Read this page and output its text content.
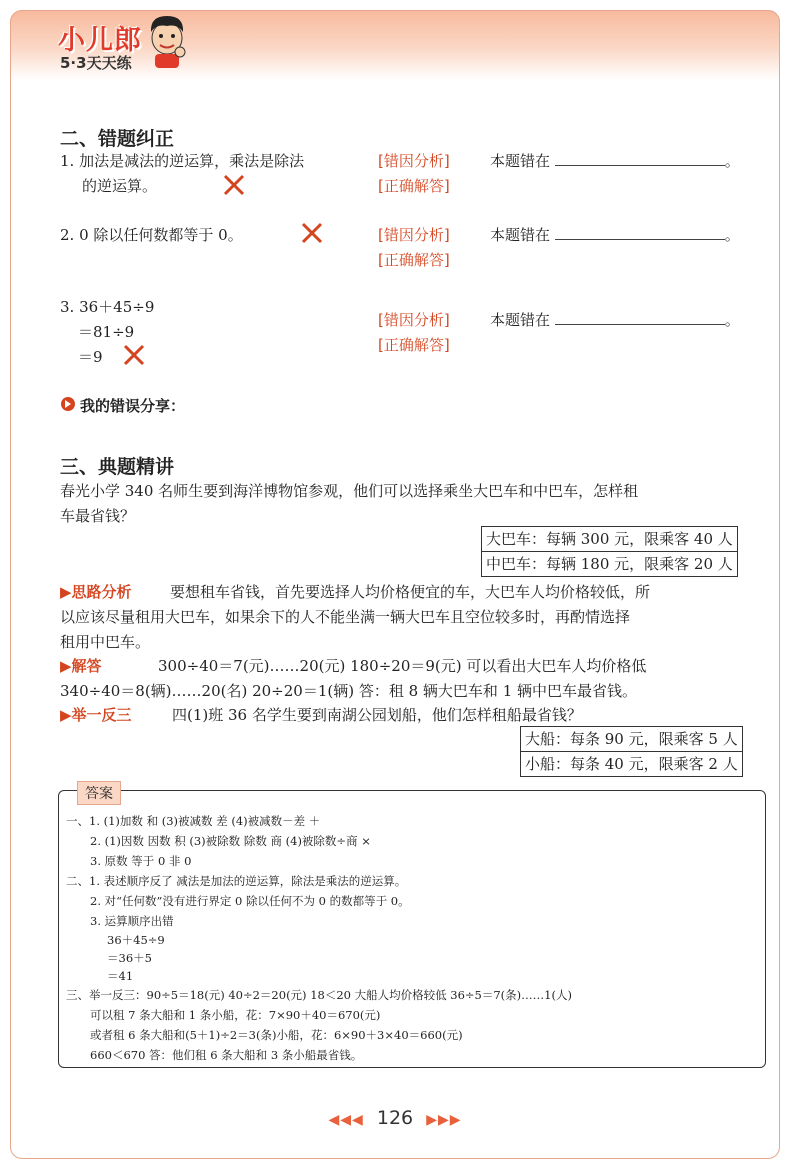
小儿郎
5·3天天练
二、错题纠正
1. 加法是减法的逆运算，乘法是除法
的逆运算。
[错因分析]
[正确解答]
本题错在	。
2. 0 除以任何数都等于 0。	[错因分析]
[正确解答]
本题错在	。
3. 36＋45÷9
＝81÷9
＝9
[错因分析]
[正确解答]
本题错在	。
我的错误分享：
三、典题精讲
春光小学 340 名师生要到海洋博物馆参观，他们可以选择乘坐大巴车和中巴车，怎样租
车最省钱？
大巴车：每辆 300 元，限乘客 40 人
中巴车：每辆 180 元，限乘客 20 人
▶思路分析	要想租车省钱，首先要选择人均价格便宜的车，大巴车人均价格较低，所
以应该尽量租用大巴车，如果余下的人不能坐满一辆大巴车且空位较多时，再酌情选择
租用中巴车。
▶解答	300÷40＝7(元)……20(元) 180÷20＝9(元) 可以看出大巴车人均价格低
340÷40＝8(辆)……20(名) 20÷20＝1(辆) 答：租 8 辆大巴车和 1 辆中巴车最省钱。
▶举一反三	四(1)班 36 名学生要到南湖公园划船，他们怎样租船最省钱？
大船：每条 90 元，限乘客 5 人
小船：每条 40 元，限乘客 2 人
答案
一、1. (1)加数 和 (3)被减数 差 (4)被减数－差 ＋
2. (1)因数 因数 积 (3)被除数 除数 商 (4)被除数÷商 ×
3. 原数 等于 0 非 0
二、1. 表述顺序反了 减法是加法的逆运算，除法是乘法的逆运算。
2. 对“任何数”没有进行界定 0 除以任何不为 0 的数都等于 0。
3. 运算顺序出错
36＋45÷9
＝36＋5
＝41
三、举一反三：90÷5＝18(元) 40÷2＝20(元) 18＜20 大船人均价格较低 36÷5＝7(条)……1(人)
可以租 7 条大船和 1 条小船，花：7×90＋40＝670(元)
或者租 6 条大船和(5＋1)÷2＝3(条)小船，花：6×90＋3×40＝660(元)
660＜670 答：他们租 6 条大船和 3 条小船最省钱。
◀◀◀ 126 ▶▶▶
